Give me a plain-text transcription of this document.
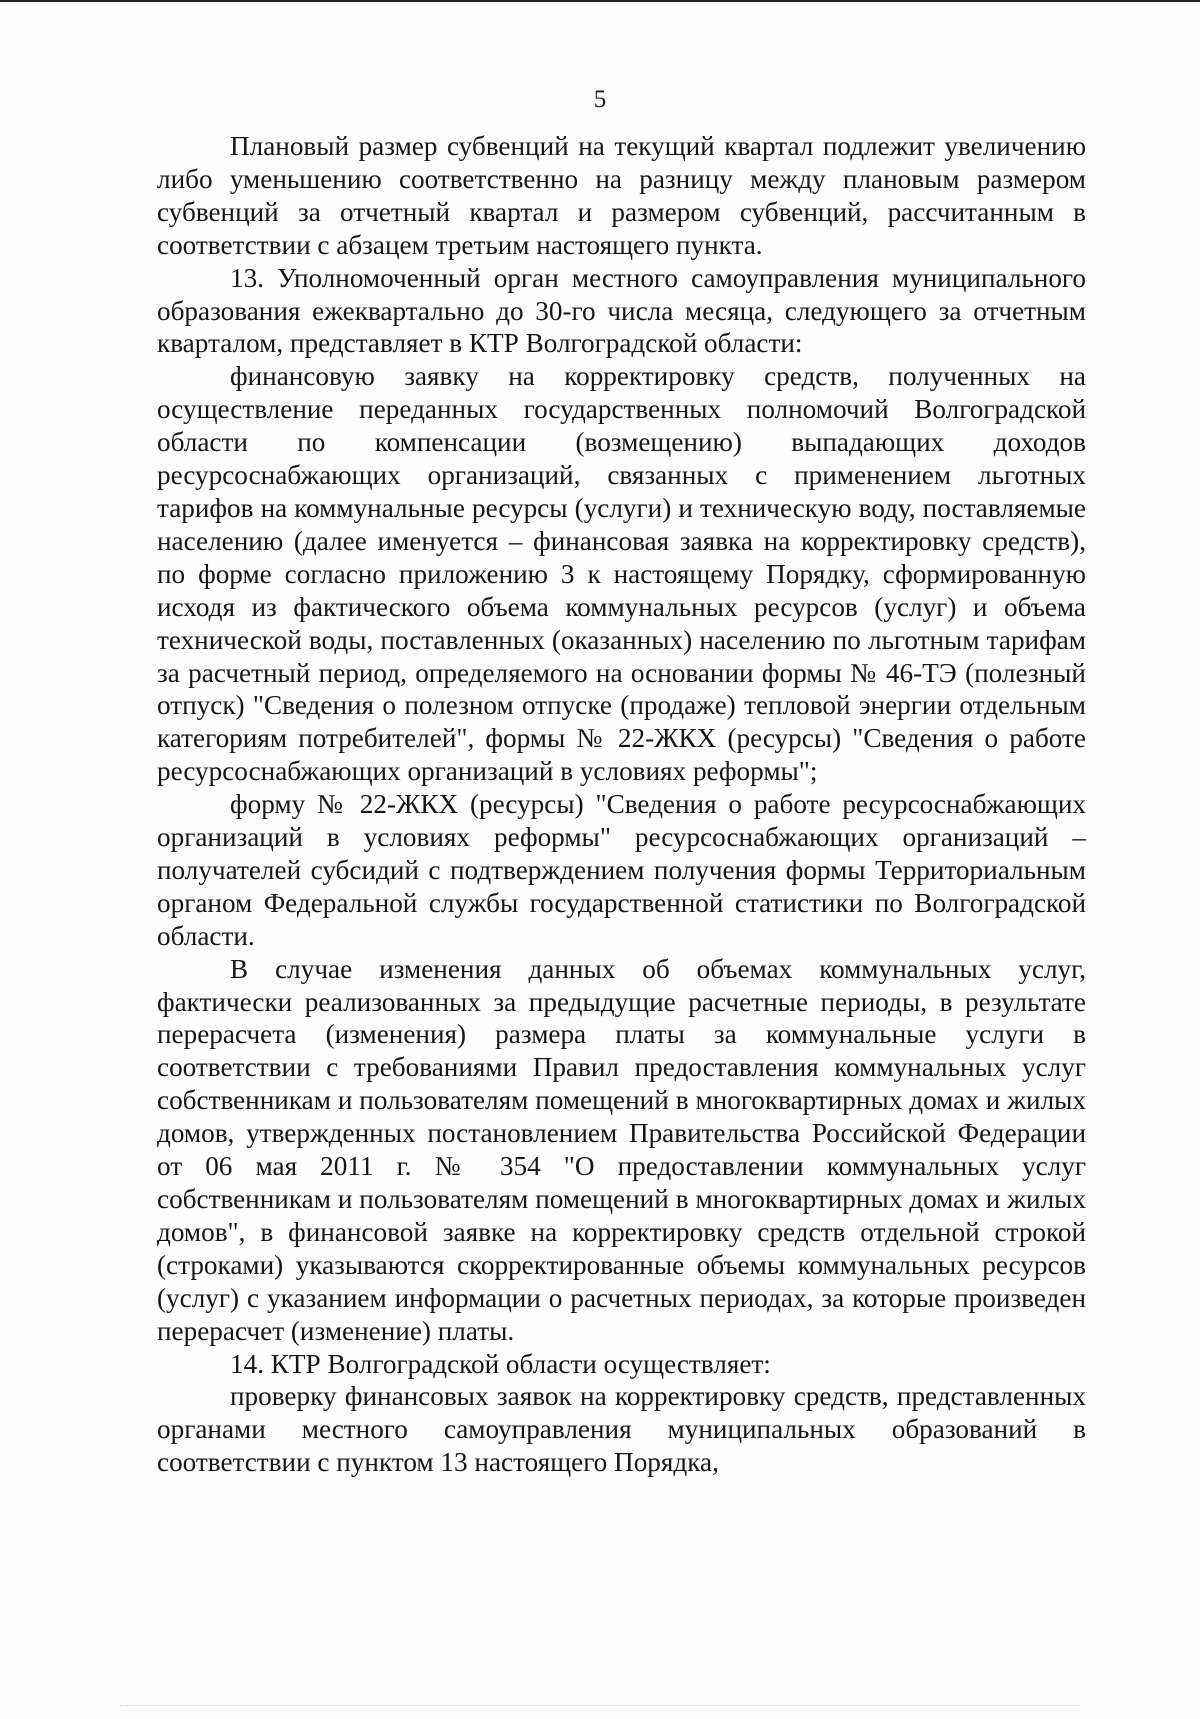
5

Плановый размер субвенций на текущий квартал подлежит увеличению либо уменьшению соответственно на разницу между плановым размером субвенций за отчетный квартал и размером субвенций, рассчитанным в соответствии с абзацем третьим настоящего пункта.

13. Уполномоченный орган местного самоуправления муниципального образования ежеквартально до 30-го числа месяца, следующего за отчетным кварталом, представляет в КТР Волгоградской области:

финансовую заявку на корректировку средств, полученных на осуществление переданных государственных полномочий Волгоградской области по компенсации (возмещению) выпадающих доходов ресурсоснабжающих организаций, связанных с применением льготных тарифов на коммунальные ресурсы (услуги) и техническую воду, поставляемые населению (далее именуется – финансовая заявка на корректировку средств), по форме согласно приложению 3 к настоящему Порядку, сформированную исходя из фактического объема коммунальных ресурсов (услуг) и объема технической воды, поставленных (оказанных) населению по льготным тарифам за расчетный период, определяемого на основании формы № 46-ТЭ (полезный отпуск) "Сведения о полезном отпуске (продаже) тепловой энергии отдельным категориям потребителей", формы № 22-ЖКХ (ресурсы) "Сведения о работе ресурсоснабжающих организаций в условиях реформы";

форму № 22-ЖКХ (ресурсы) "Сведения о работе ресурсоснабжающих организаций в условиях реформы" ресурсоснабжающих организаций – получателей субсидий с подтверждением получения формы Территориальным органом Федеральной службы государственной статистики по Волгоградской области.

В случае изменения данных об объемах коммунальных услуг, фактически реализованных за предыдущие расчетные периоды, в результате перерасчета (изменения) размера платы за коммунальные услуги в соответствии с требованиями Правил предоставления коммунальных услуг собственникам и пользователям помещений в многоквартирных домах и жилых домов, утвержденных постановлением Правительства Российской Федерации от 06 мая 2011 г. № 354 "О предоставлении коммунальных услуг собственникам и пользователям помещений в многоквартирных домах и жилых домов", в финансовой заявке на корректировку средств отдельной строкой (строками) указываются скорректированные объемы коммунальных ресурсов (услуг) с указанием информации о расчетных периодах, за которые произведен перерасчет (изменение) платы.

14. КТР Волгоградской области осуществляет:

проверку финансовых заявок на корректировку средств, представленных органами местного самоуправления муниципальных образований в соответствии с пунктом 13 настоящего Порядка,
